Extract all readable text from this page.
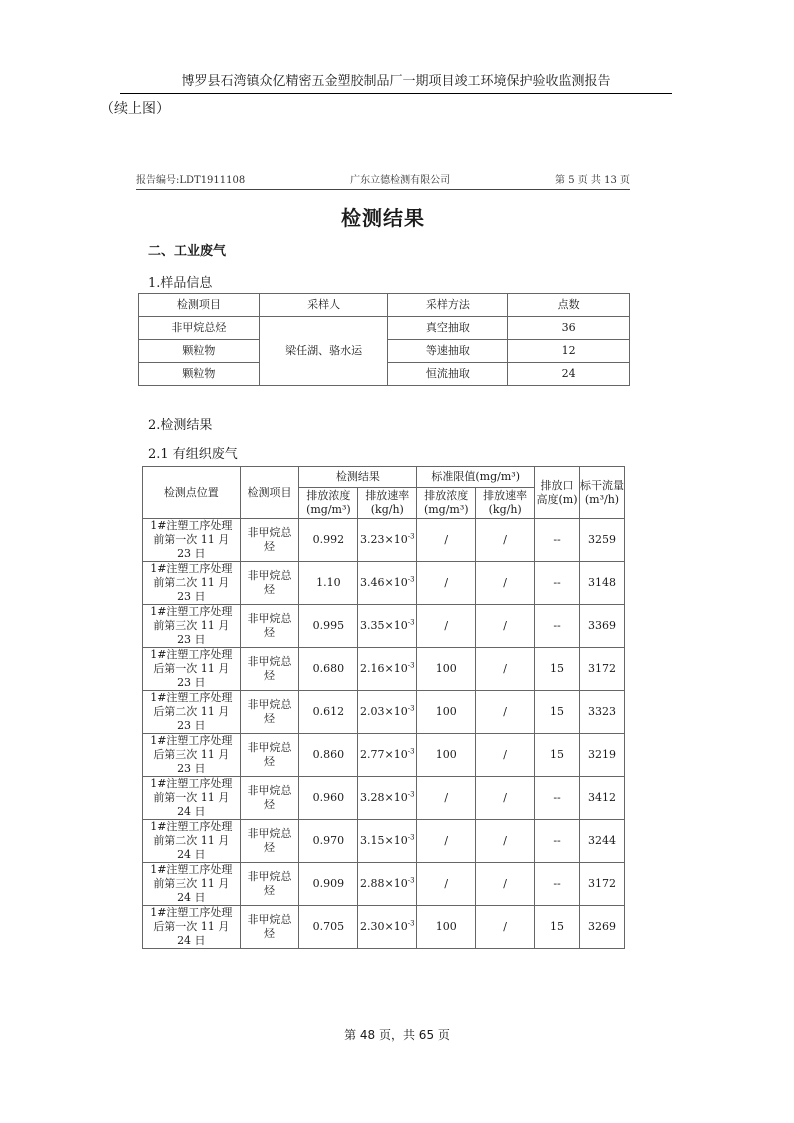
博罗县石湾镇众亿精密五金塑胶制品厂一期项目竣工环境保护验收监测报告
（续上图）
报告编号:LDT1911108	广东立德检测有限公司	第 5 页 共 13 页
检测结果
二、工业废气
1.样品信息
检测项目	采样人	采样方法	点数
非甲烷总烃	梁任湖、骆水运	真空抽取	36
颗粒物		等速抽取	12
颗粒物		恒流抽取	24
2.检测结果
2.1 有组织废气
检测点位置	检测项目	检测结果		标准限值(mg/m³)		排放口高度(m)	标干流量(m³/h)
		排放浓度(mg/m³)	排放速率(kg/h)	排放浓度(mg/m³)	排放速率(kg/h)		
1#注塑工序处理前第一次 11 月 23 日	非甲烷总烃	0.992	$3.23\times 10^{-3}$	/	/	--	3259
1#注塑工序处理前第二次 11 月 23 日	非甲烷总烃	1.10	$3.46\times 10^{-3}$	/	/	--	3148
1#注塑工序处理前第三次 11 月 23 日	非甲烷总烃	0.995	$3.35\times 10^{-3}$	/	/	--	3369
1#注塑工序处理后第一次 11 月 23 日	非甲烷总烃	0.680	$2.16\times 10^{-3}$	100	/	15	3172
1#注塑工序处理后第二次 11 月 23 日	非甲烷总烃	0.612	$2.03\times 10^{-3}$	100	/	15	3323
1#注塑工序处理后第三次 11 月 23 日	非甲烷总烃	0.860	$2.77\times 10^{-3}$	100	/	15	3219
1#注塑工序处理前第一次 11 月 24 日	非甲烷总烃	0.960	$3.28\times 10^{-3}$	/	/	--	3412
1#注塑工序处理前第二次 11 月 24 日	非甲烷总烃	0.970	$3.15\times 10^{-3}$	/	/	--	3244
1#注塑工序处理前第三次 11 月 24 日	非甲烷总烃	0.909	$2.88\times 10^{-3}$	/	/	--	3172
1#注塑工序处理后第一次 11 月 24 日	非甲烷总烃	0.705	$2.30\times 10^{-3}$	100	/	15	3269
第 48 页，共 65 页
